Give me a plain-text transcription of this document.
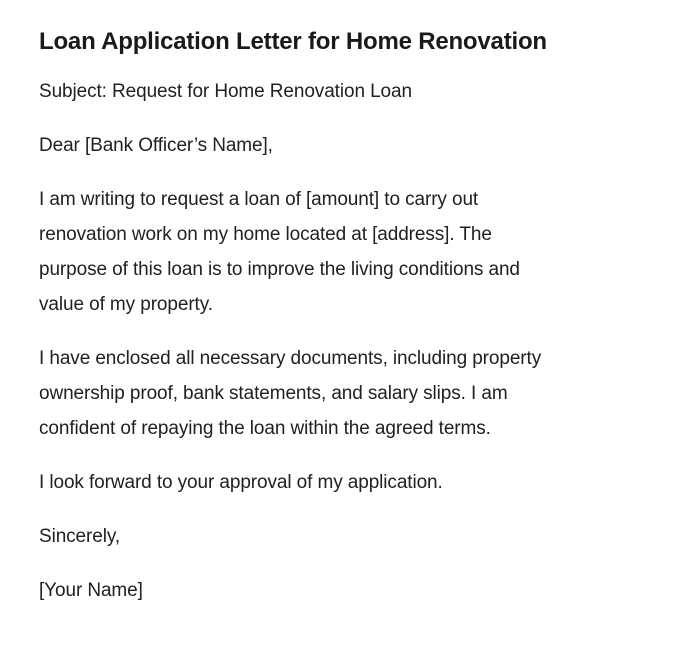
Loan Application Letter for Home Renovation

Subject: Request for Home Renovation Loan

Dear [Bank Officer’s Name],

I am writing to request a loan of [amount] to carry out
renovation work on my home located at [address]. The
purpose of this loan is to improve the living conditions and
value of my property.

I have enclosed all necessary documents, including property
ownership proof, bank statements, and salary slips. I am
confident of repaying the loan within the agreed terms.

I look forward to your approval of my application.

Sincerely,

[Your Name]
